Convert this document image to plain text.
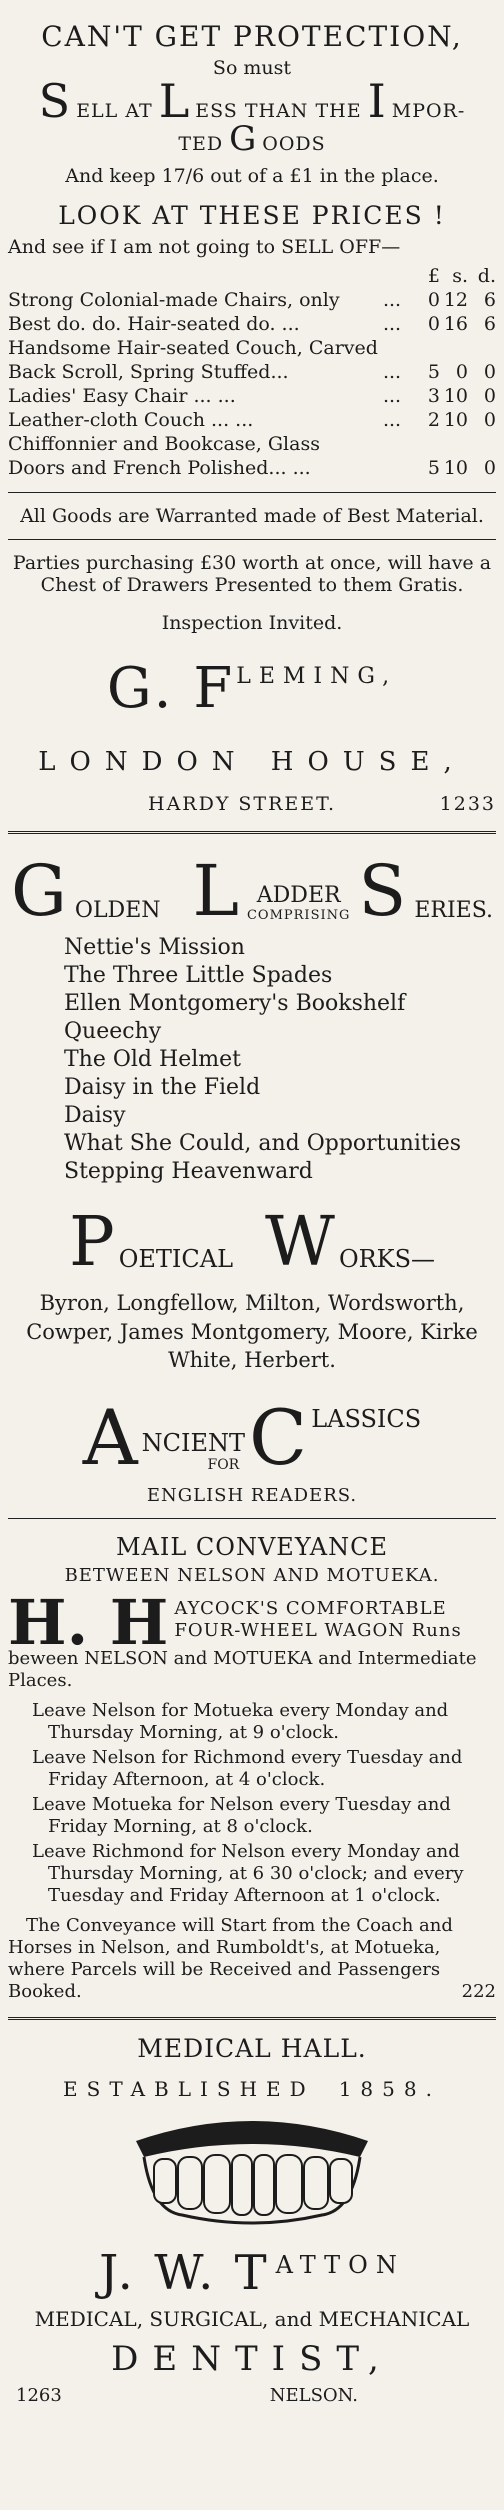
CAN'T GET PROTECTION,
So must
S ELL AT L ESS THAN THE I MPOR-
TED G OODS
And keep 17/6 out of a £1 in the place.
LOOK AT THESE PRICES !
And see if I am not going to SELL OFF—
		£	s.	d.
Strong Colonial-made Chairs, only	...	0	12	6
Best do. do. Hair-seated do. ...	...	0	16	6
Handsome Hair-seated Couch, Carved				
Back Scroll, Spring Stuffed...	...	5	0	0
Ladies' Easy Chair ... ...	...	3	10	0
Leather-cloth Couch ... ...	...	2	10	0
Chiffonnier and Bookcase, Glass				
Doors and French Polished... ...		5	10	0
All Goods are Warranted made of Best Material.
Parties purchasing £30 worth at once, will have a Chest of Drawers Presented to them Gratis.
Inspection Invited.
G. F LEMING,
LONDON HOUSE,
HARDY STREET.	1233
G OLDEN L ADDER
COMPRISING S ERIES.
Nettie's Mission
The Three Little Spades
Ellen Montgomery's Bookshelf
Queechy
The Old Helmet
Daisy in the Field
Daisy
What She Could, and Opportunities
Stepping Heavenward
P OETICAL W ORKS—
Byron, Longfellow, Milton, Wordsworth, Cowper, James Montgomery, Moore, Kirke White, Herbert.
A NCIENT
FOR C LASSICS
ENGLISH READERS.
MAIL CONVEYANCE
BETWEEN NELSON AND MOTUEKA.
H. H AYCOCK'S COMFORTABLE
FOUR-WHEEL WAGON Runs
beween NELSON and MOTUEKA and Intermediate Places.

Leave Nelson for Motueka every Monday and Thursday Morning, at 9 o'clock.

Leave Nelson for Richmond every Tuesday and Friday Afternoon, at 4 o'clock.

Leave Motueka for Nelson every Tuesday and Friday Morning, at 8 o'clock.

Leave Richmond for Nelson every Monday and Thursday Morning, at 6 30 o'clock; and every Tuesday and Friday Afternoon at 1 o'clock.

The Conveyance will Start from the Coach and Horses in Nelson, and Rumboldt's, at Motueka, where Parcels will be Received and Passengers Booked.	222
MEDICAL HALL.
ESTABLISHED 1858.
J. W. T ATTON
MEDICAL, SURGICAL, and MECHANICAL
DENTIST,
1263	NELSON.
